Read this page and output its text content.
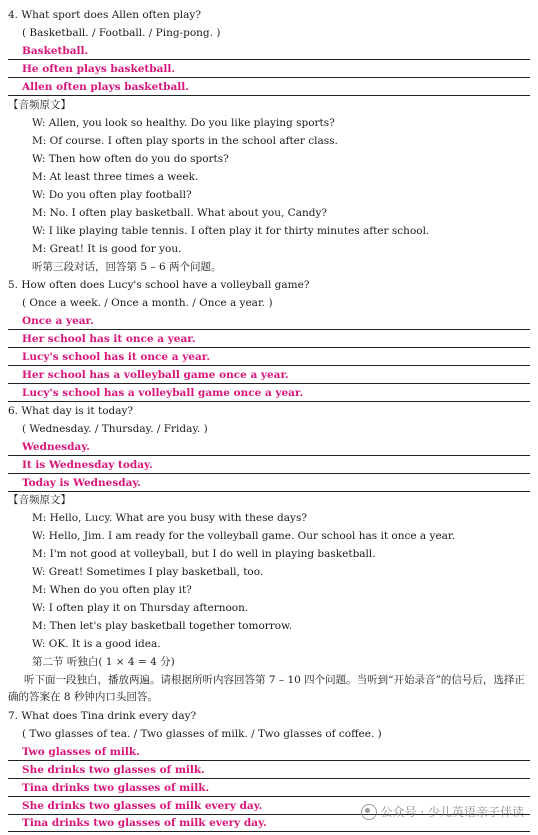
4. What sport does Allen often play?
( Basketball. / Football. / Ping-pong. )
Basketball.
He often plays basketball.
Allen often plays basketball.
【音频原文】
W: Allen, you look so healthy. Do you like playing sports?
M: Of course. I often play sports in the school after class.
W: Then how often do you do sports?
M: At least three times a week.
W: Do you often play football?
M: No. I often play basketball. What about you, Candy?
W: I like playing table tennis. I often play it for thirty minutes after school.
M: Great! It is good for you.
听第三段对话，回答第 5 – 6 两个问题。
5. How often does Lucy's school have a volleyball game?
( Once a week. / Once a month. / Once a year. )
Once a year.
Her school has it once a year.
Lucy's school has it once a year.
Her school has a volleyball game once a year.
Lucy's school has a volleyball game once a year.
6. What day is it today?
( Wednesday. / Thursday. / Friday. )
Wednesday.
It is Wednesday today.
Today is Wednesday.
【音频原文】
M: Hello, Lucy. What are you busy with these days?
W: Hello, Jim. I am ready for the volleyball game. Our school has it once a year.
M: I'm not good at volleyball, but I do well in playing basketball.
W: Great! Sometimes I play basketball, too.
M: When do you often play it?
W: I often play it on Thursday afternoon.
M: Then let's play basketball together tomorrow.
W: OK. It is a good idea.
第二节 听独白( 1 × 4 = 4 分)
听下面一段独白，播放两遍。请根据所听内容回答第 7 – 10 四个问题。当听到“开始录音”的信号后，选择正确的答案在 8 秒钟内口头回答。
7. What does Tina drink every day?
( Two glasses of tea. / Two glasses of milk. / Two glasses of coffee. )
Two glasses of milk.
She drinks two glasses of milk.
Tina drinks two glasses of milk.
She drinks two glasses of milk every day.
Tina drinks two glasses of milk every day.
公众号 · 少儿英语亲子伴读
